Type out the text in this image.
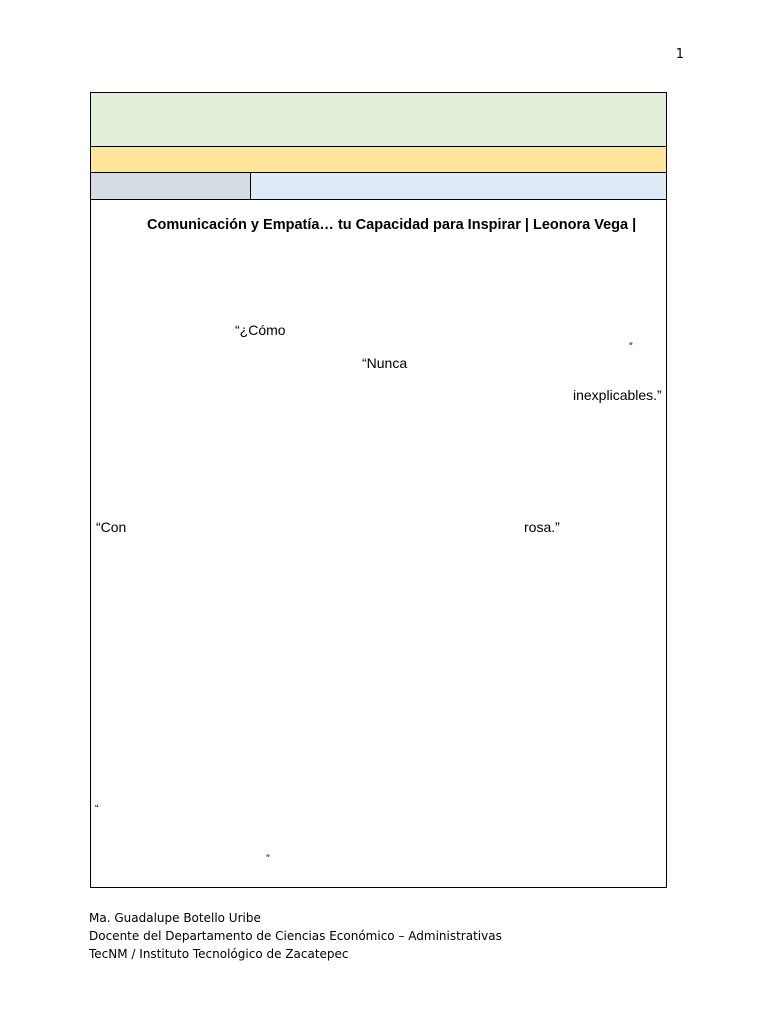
1
Comunicación y Empatía… tu Capacidad para Inspirar | Leonora Vega |
“¿Cómo
”
“Nunca
inexplicables.”
“Con	rosa.”
“
”
Ma. Guadalupe Botello Uribe
Docente del Departamento de Ciencias Económico – Administrativas
TecNM / Instituto Tecnológico de Zacatepec
